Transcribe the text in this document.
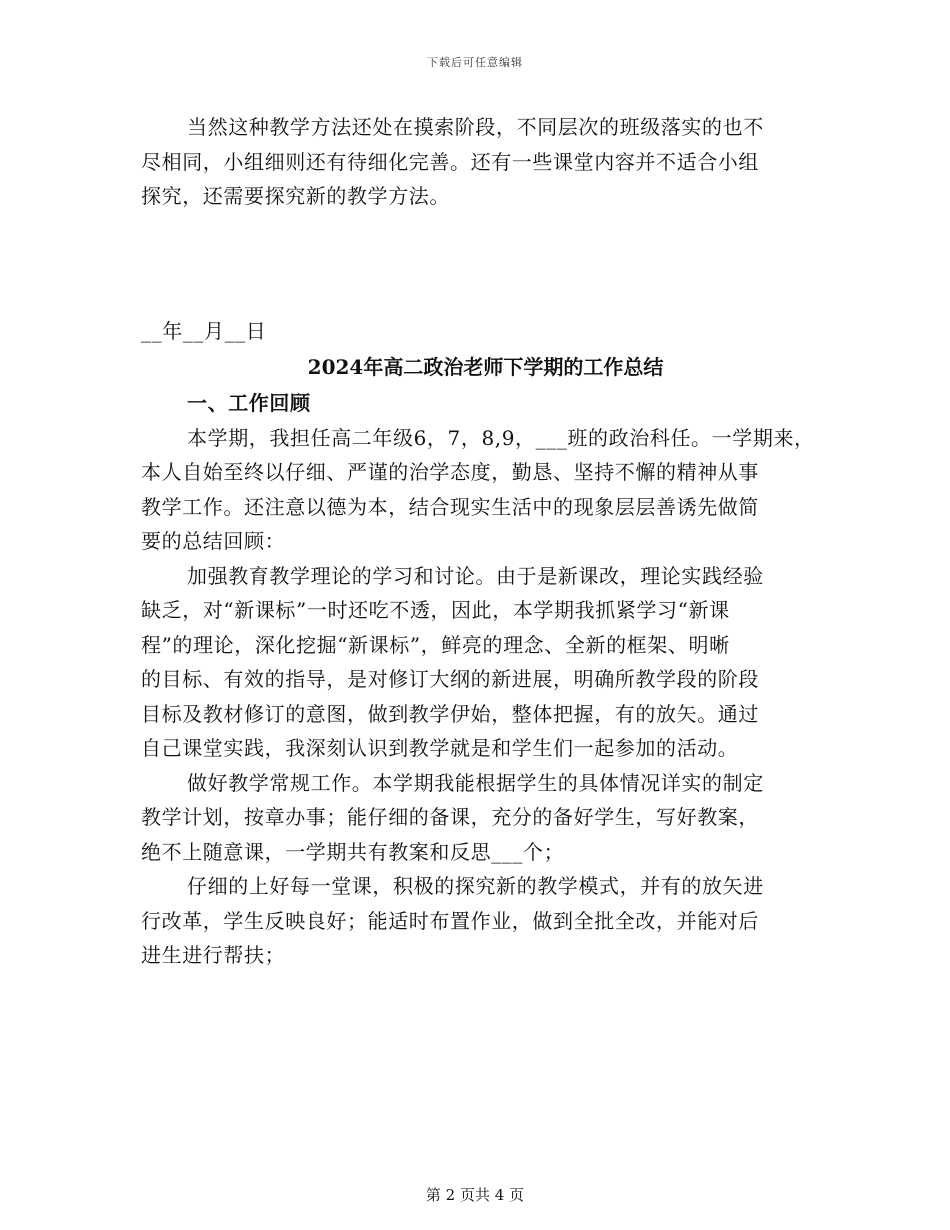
下载后可任意编辑
当然这种教学方法还处在摸索阶段，不同层次的班级落实的也不
尽相同，小组细则还有待细化完善。还有一些课堂内容并不适合小组
探究，还需要探究新的教学方法。
__年__月__日
2024年高二政治老师下学期的工作总结
一、工作回顾
本学期，我担任高二年级6，7，8,9，___班的政治科任。一学期来，
本人自始至终以仔细、严谨的治学态度，勤恳、坚持不懈的精神从事
教学工作。还注意以德为本，结合现实生活中的现象层层善诱先做简
要的总结回顾：
加强教育教学理论的学习和讨论。由于是新课改，理论实践经验
缺乏，对“新课标”一时还吃不透，因此，本学期我抓紧学习“新课
程”的理论，深化挖掘“新课标”，鲜亮的理念、全新的框架、明晰
的目标、有效的指导，是对修订大纲的新进展，明确所教学段的阶段
目标及教材修订的意图，做到教学伊始，整体把握，有的放矢。通过
自己课堂实践，我深刻认识到教学就是和学生们一起参加的活动。
做好教学常规工作。本学期我能根据学生的具体情况详实的制定
教学计划，按章办事；能仔细的备课，充分的备好学生，写好教案，
绝不上随意课，一学期共有教案和反思___个；
仔细的上好每一堂课，积极的探究新的教学模式，并有的放矢进
行改革，学生反映良好；能适时布置作业，做到全批全改，并能对后
进生进行帮扶；
第 2 页共 4 页
